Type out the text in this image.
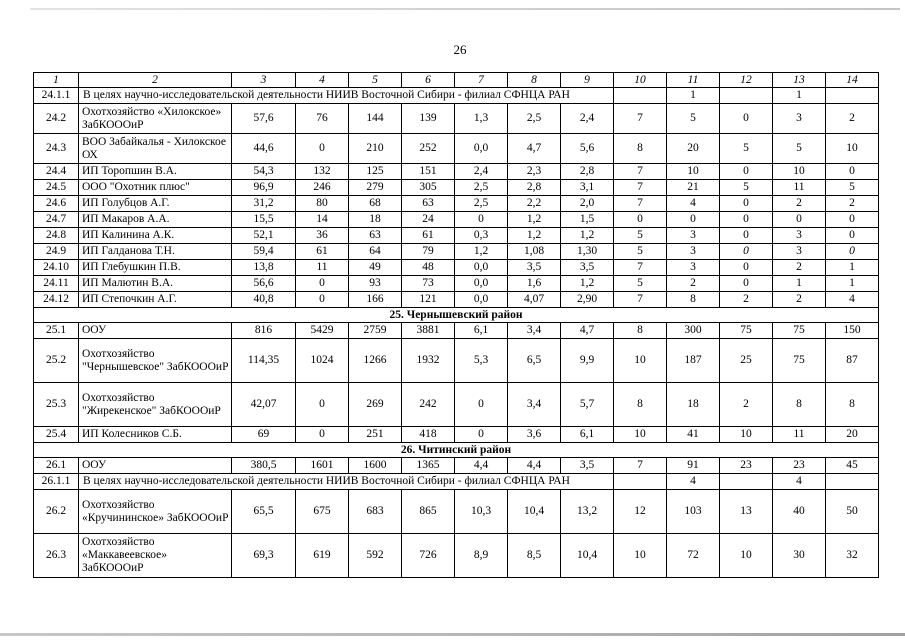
26
1	2	3	4	5	6	7	8	9	10	11	12	13	14
24.1.1	В целях научно-исследовательской деятельности НИИВ Восточной Сибири - филиал СФНЦА РАН									1		1	
24.2	Охотхозяйство «Хилокское» ЗабКОООиР	57,6	76	144	139	1,3	2,5	2,4	7	5	0	3	2
24.3	ВОО Забайкалья - Хилокское ОХ	44,6	0	210	252	0,0	4,7	5,6	8	20	5	5	10
24.4	ИП Торопшин В.А.	54,3	132	125	151	2,4	2,3	2,8	7	10	0	10	0
24.5	ООО "Охотник плюс"	96,9	246	279	305	2,5	2,8	3,1	7	21	5	11	5
24.6	ИП Голубцов А.Г.	31,2	80	68	63	2,5	2,2	2,0	7	4	0	2	2
24.7	ИП Макаров А.А.	15,5	14	18	24	0	1,2	1,5	0	0	0	0	0
24.8	ИП Калинина А.К.	52,1	36	63	61	0,3	1,2	1,2	5	3	0	3	0
24.9	ИП Галданова Т.Н.	59,4	61	64	79	1,2	1,08	1,30	5	3	0	3	0
24.10	ИП Глебушкин П.В.	13,8	11	49	48	0,0	3,5	3,5	7	3	0	2	1
24.11	ИП Малютин В.А.	56,6	0	93	73	0,0	1,6	1,2	5	2	0	1	1
24.12	ИП Степочкин А.Г.	40,8	0	166	121	0,0	4,07	2,90	7	8	2	2	4
25. Чернышевский район													
25.1	ООУ	816	5429	2759	3881	6,1	3,4	4,7	8	300	75	75	150
25.2	Охотхозяйство "Чернышевское" ЗабКОООиР	114,35	1024	1266	1932	5,3	6,5	9,9	10	187	25	75	87
25.3	Охотхозяйство "Жирекенское" ЗабКОООиР	42,07	0	269	242	0	3,4	5,7	8	18	2	8	8
25.4	ИП Колесников С.Б.	69	0	251	418	0	3,6	6,1	10	41	10	11	20
26. Читинский район													
26.1	ООУ	380,5	1601	1600	1365	4,4	4,4	3,5	7	91	23	23	45
26.1.1	В целях научно-исследовательской деятельности НИИВ Восточной Сибири - филиал СФНЦА РАН									4		4	
26.2	Охотхозяйство «Кручининское» ЗабКОООиР	65,5	675	683	865	10,3	10,4	13,2	12	103	13	40	50
26.3	Охотхозяйство «Маккавеевское» ЗабКОООиР	69,3	619	592	726	8,9	8,5	10,4	10	72	10	30	32
